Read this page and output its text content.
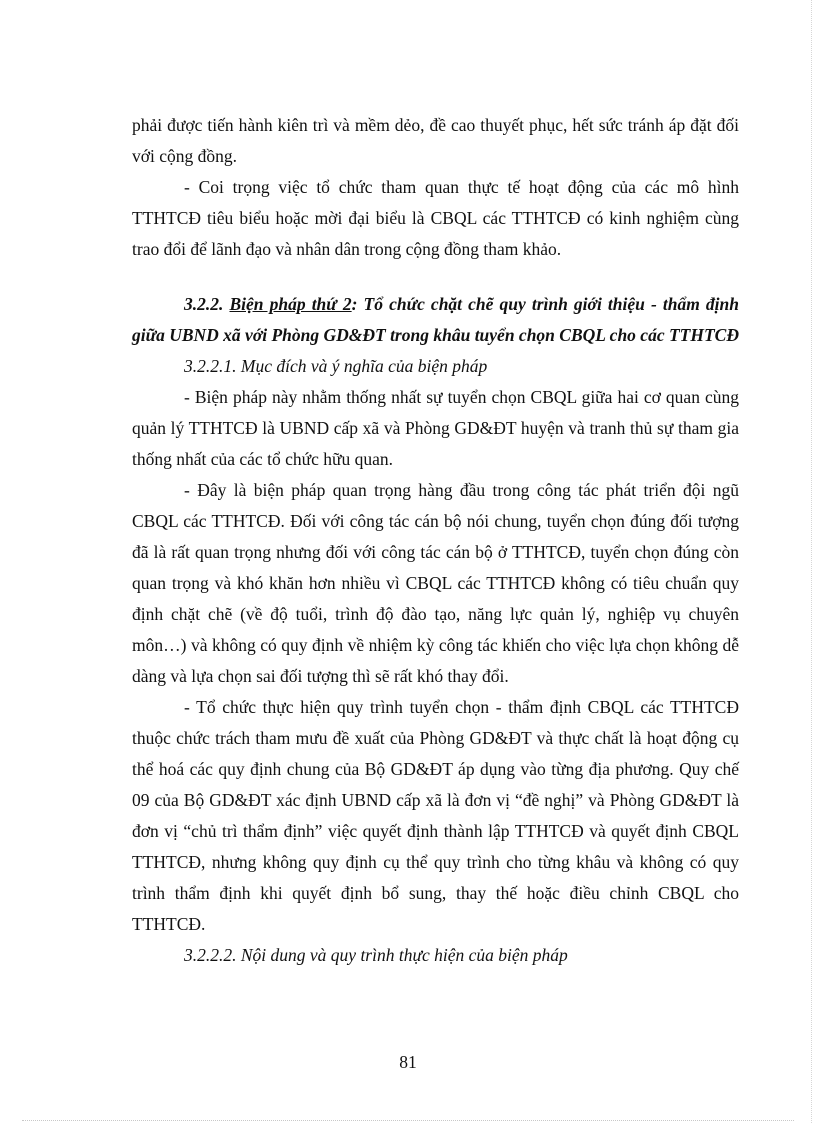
phải được tiến hành kiên trì và mềm dẻo, đề cao thuyết phục, hết sức tránh áp đặt đối với cộng đồng.

- Coi trọng việc tổ chức tham quan thực tế hoạt động của các mô hình TTHTCĐ tiêu biểu hoặc mời đại biểu là CBQL các TTHTCĐ có kinh nghiệm cùng trao đổi để lãnh đạo và nhân dân trong cộng đồng tham khảo.

3.2.2. Biện pháp thứ 2: Tổ chức chặt chẽ quy trình giới thiệu - thẩm định giữa UBND xã với Phòng GD&ĐT trong khâu tuyển chọn CBQL cho các TTHTCĐ

3.2.2.1. Mục đích và ý nghĩa của biện pháp

- Biện pháp này nhằm thống nhất sự tuyển chọn CBQL giữa hai cơ quan cùng quản lý TTHTCĐ là UBND cấp xã và Phòng GD&ĐT huyện và tranh thủ sự tham gia thống nhất của các tổ chức hữu quan.

- Đây là biện pháp quan trọng hàng đầu trong công tác phát triển đội ngũ CBQL các TTHTCĐ. Đối với công tác cán bộ nói chung, tuyển chọn đúng đối tượng đã là rất quan trọng nhưng đối với công tác cán bộ ở TTHTCĐ, tuyển chọn đúng còn quan trọng và khó khăn hơn nhiều vì CBQL các TTHTCĐ không có tiêu chuẩn quy định chặt chẽ (về độ tuổi, trình độ đào tạo, năng lực quản lý, nghiệp vụ chuyên môn…) và không có quy định về nhiệm kỳ công tác khiến cho việc lựa chọn không dễ dàng và lựa chọn sai đối tượng thì sẽ rất khó thay đổi.

- Tổ chức thực hiện quy trình tuyển chọn - thẩm định CBQL các TTHTCĐ thuộc chức trách tham mưu đề xuất của Phòng GD&ĐT và thực chất là hoạt động cụ thể hoá các quy định chung của Bộ GD&ĐT áp dụng vào từng địa phương. Quy chế 09 của Bộ GD&ĐT xác định UBND cấp xã là đơn vị “đề nghị” và Phòng GD&ĐT là đơn vị “chủ trì thẩm định” việc quyết định thành lập TTHTCĐ và quyết định CBQL TTHTCĐ, nhưng không quy định cụ thể quy trình cho từng khâu và không có quy trình thẩm định khi quyết định bổ sung, thay thế hoặc điều chỉnh CBQL cho TTHTCĐ.

3.2.2.2. Nội dung và quy trình thực hiện của biện pháp

81
